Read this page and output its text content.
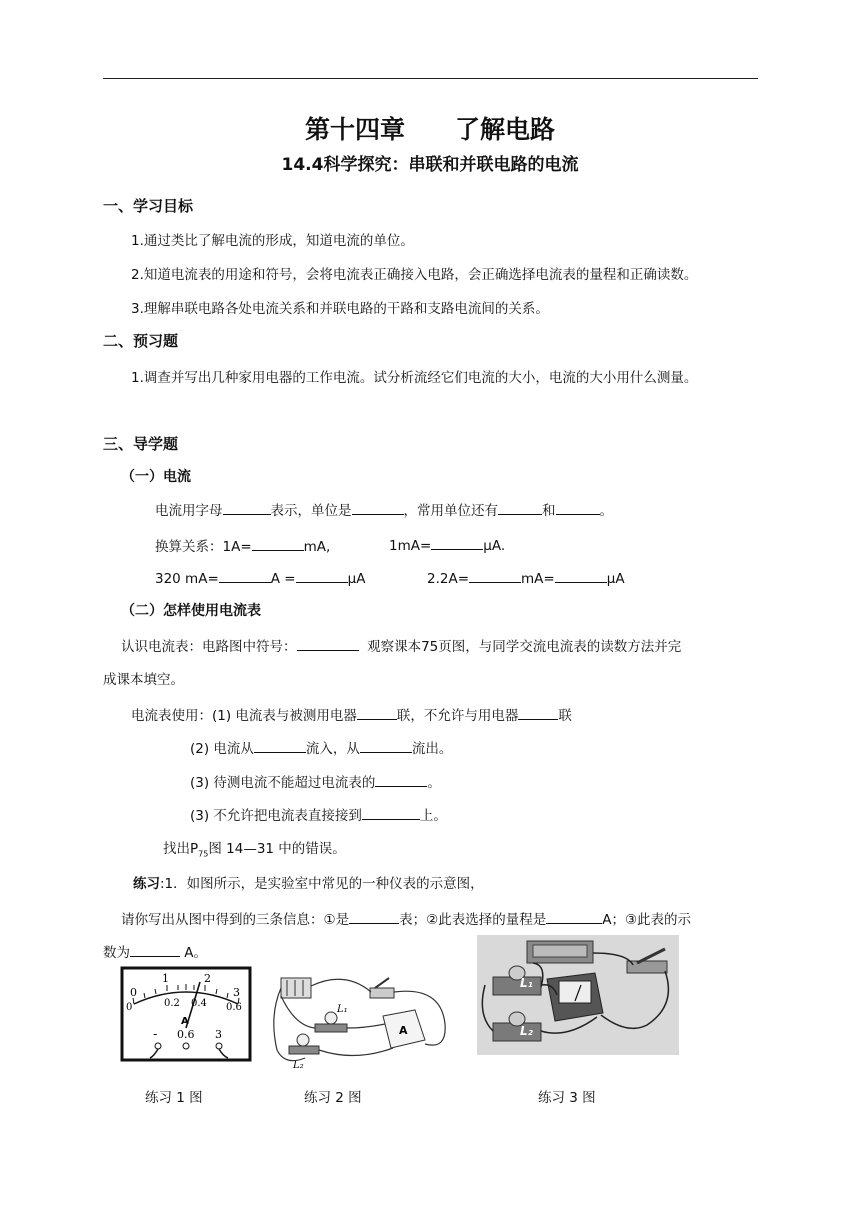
第十四章　　了解电路
14.4科学探究：串联和并联电路的电流
一、学习目标
1.通过类比了解电流的形成，知道电流的单位。
2.知道电流表的用途和符号，会将电流表正确接入电路，会正确选择电流表的量程和正确读数。
3.理解串联电路各处电流关系和并联电路的干路和支路电流间的关系。
二、预习题
1.调查并写出几种家用电器的工作电流。试分析流经它们电流的大小，电流的大小用什么测量。
三、导学题
（一）电流
电流用字母	表示，单位是	，常用单位还有	和	。
换算关系：1A=	mA,	1mA=	μA.
320 mA=	A =	μA	2.2A=	mA=	μA
（二）怎样使用电流表
认识电流表：电路图中符号：	观察课本75页图，与同学交流电流表的读数方法并完
成课本填空。
电流表使用：(1) 电流表与被测用电器	联，不允许与用电器	联
(2) 电流从	流入，从	流出。
(3) 待测电流不能超过电流表的	。
(3) 不允许把电流表直接接到	上。
找出$P_{75}$图 14—31 中的错误。
练习:1．如图所示，是实验室中常见的一种仪表的示意图，
请你写出从图中得到的三条信息：①是	表；②此表选择的量程是	A；③此表的示
数为	A。
0
1	2
3
0	0.2 0.4 0.6
A
- 0.6 3
L₁
L₂
A
L₁
L₂
练习 1 图	练习 2 图	练习 3 图
